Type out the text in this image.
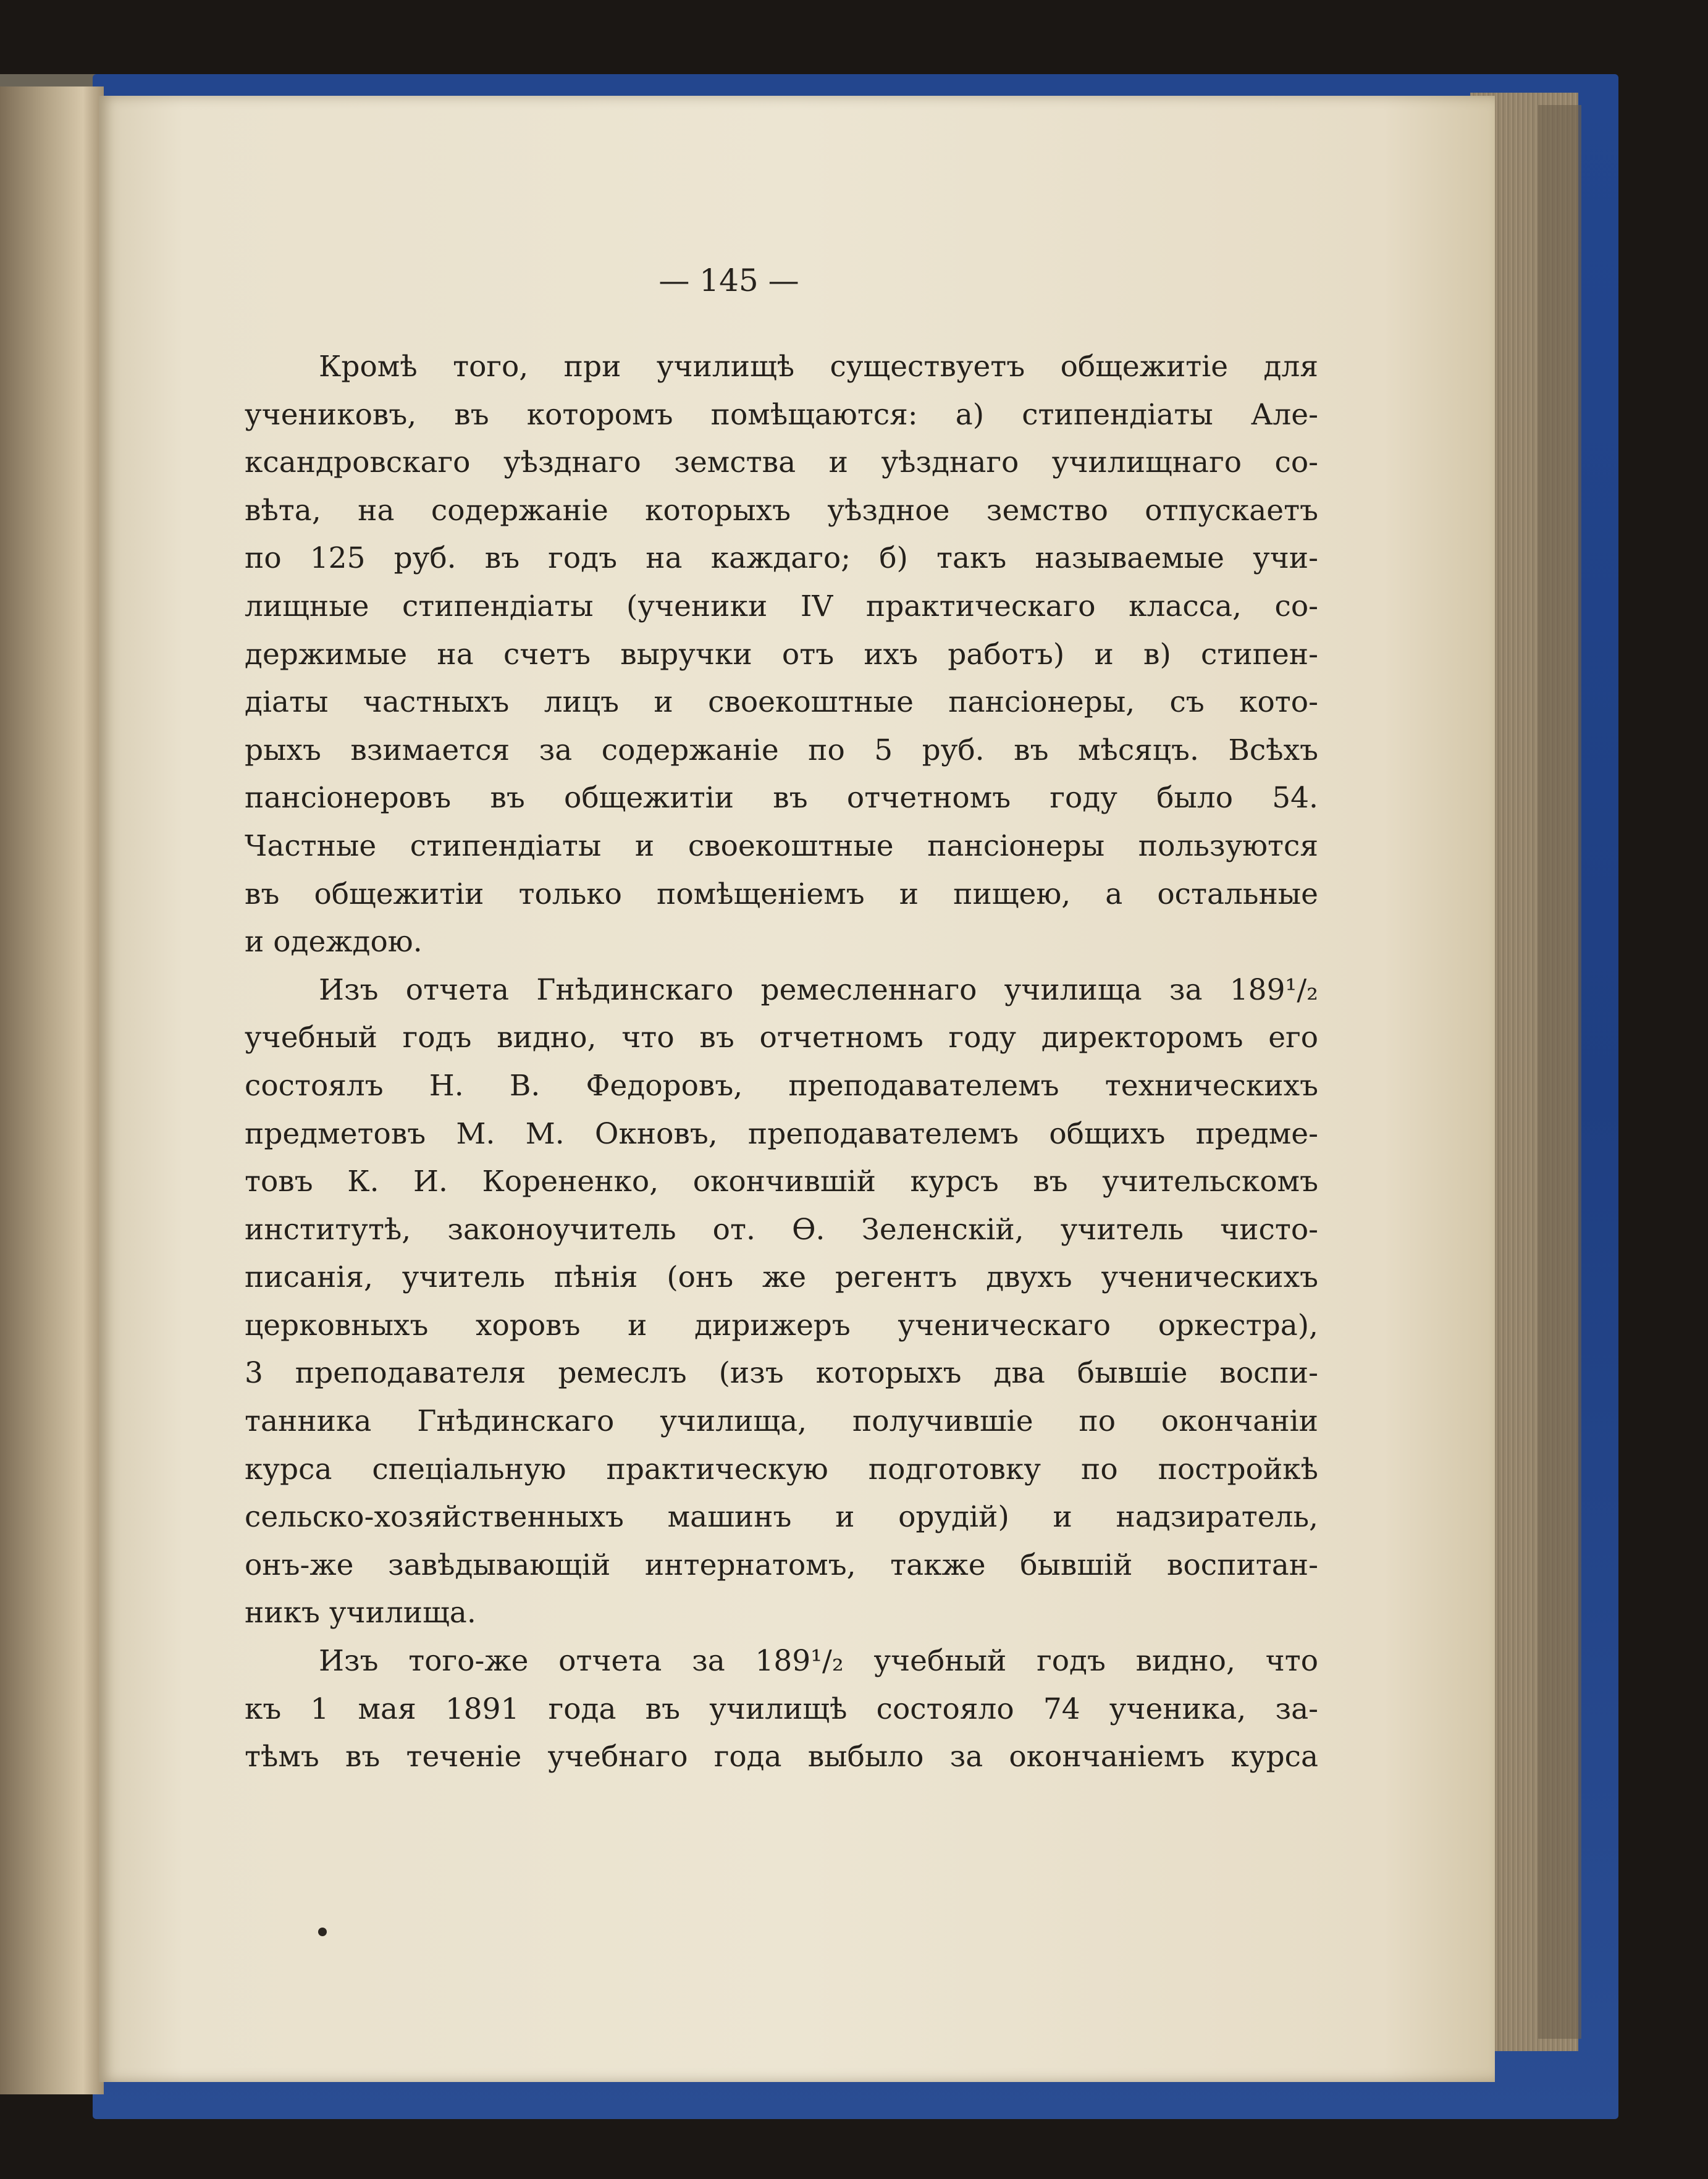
— 145 —
Кромѣ того, при училищѣ существуетъ общежитіе для
учениковъ, въ которомъ помѣщаются: а) стипендіаты Але-
ксандровскаго уѣзднаго земства и уѣзднаго училищнаго со-
вѣта, на содержаніе которыхъ уѣздное земство отпускаетъ
по 125 руб. въ годъ на каждаго; б) такъ называемые учи-
лищные стипендіаты (ученики IV практическаго класса, со-
держимые на счетъ выручки отъ ихъ работъ) и в) стипен-
діаты частныхъ лицъ и своекоштные пансіонеры, съ кото-
рыхъ взимается за содержаніе по 5 руб. въ мѣсяцъ. Всѣхъ
пансіонеровъ въ общежитіи въ отчетномъ году было 54.
Частные стипендіаты и своекоштные пансіонеры пользуются
въ общежитіи только помѣщеніемъ и пищею, а остальные
и одеждою.
Изъ отчета Гнѣдинскаго ремесленнаго училища за 189¹/₂
учебный годъ видно, что въ отчетномъ году директоромъ его
состоялъ Н. В. Федоровъ, преподавателемъ техническихъ
предметовъ М. М. Окновъ, преподавателемъ общихъ предме-
товъ К. И. Корененко, окончившій курсъ въ учительскомъ
институтѣ, законоучитель от. Ѳ. Зеленскій, учитель чисто-
писанія, учитель пѣнія (онъ же регентъ двухъ ученическихъ
церковныхъ хоровъ и дирижеръ ученическаго оркестра),
3 преподавателя ремеслъ (изъ которыхъ два бывшіе воспи-
танника Гнѣдинскаго училища, получившіе по окончаніи
курса спеціальную практическую подготовку по постройкѣ
сельско-хозяйственныхъ машинъ и орудій) и надзиратель,
онъ-же завѣдывающій интернатомъ, также бывшій воспитан-
никъ училища.
Изъ того-же отчета за 189¹/₂ учебный годъ видно, что
къ 1 мая 1891 года въ училищѣ состояло 74 ученика, за-
тѣмъ въ теченіе учебнаго года выбыло за окончаніемъ курса
